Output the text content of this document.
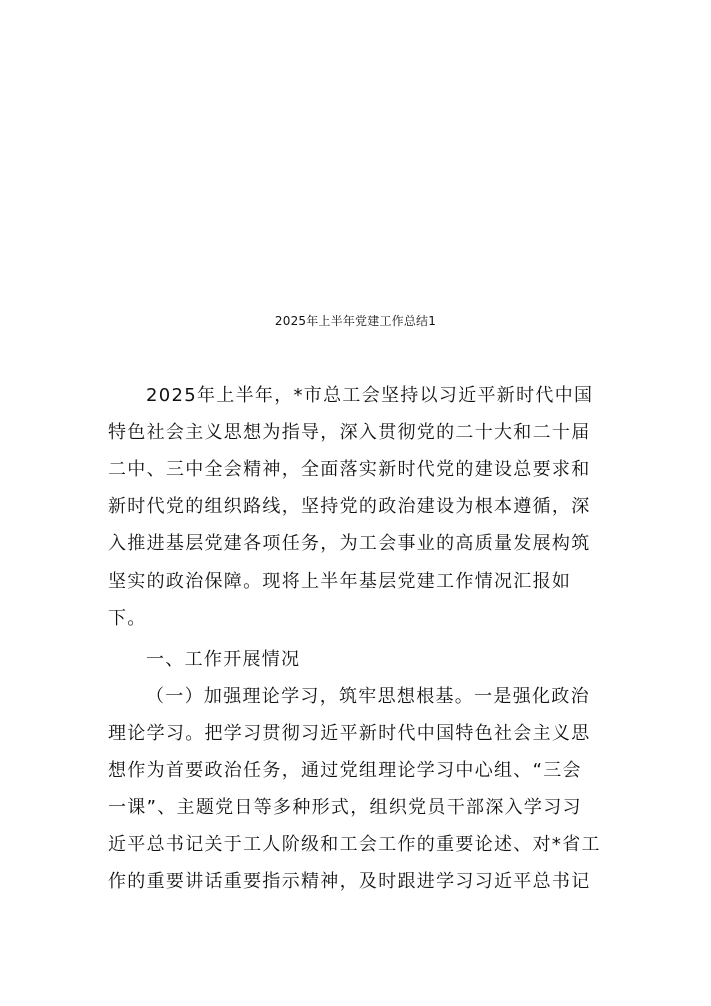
2025年上半年党建工作总结1
2025年上半年，*市总工会坚持以习近平新时代中国
特色社会主义思想为指导，深入贯彻党的二十大和二十届
二中、三中全会精神，全面落实新时代党的建设总要求和
新时代党的组织路线，坚持党的政治建设为根本遵循，深
入推进基层党建各项任务，为工会事业的高质量发展构筑
坚实的政治保障。现将上半年基层党建工作情况汇报如
下。
一、工作开展情况
（一）加强理论学习，筑牢思想根基。一是强化政治
理论学习。把学习贯彻习近平新时代中国特色社会主义思
想作为首要政治任务，通过党组理论学习中心组、“三会
一课”、主题党日等多种形式，组织党员干部深入学习习
近平总书记关于工人阶级和工会工作的重要论述、对*省工
作的重要讲话重要指示精神，及时跟进学习习近平总书记
